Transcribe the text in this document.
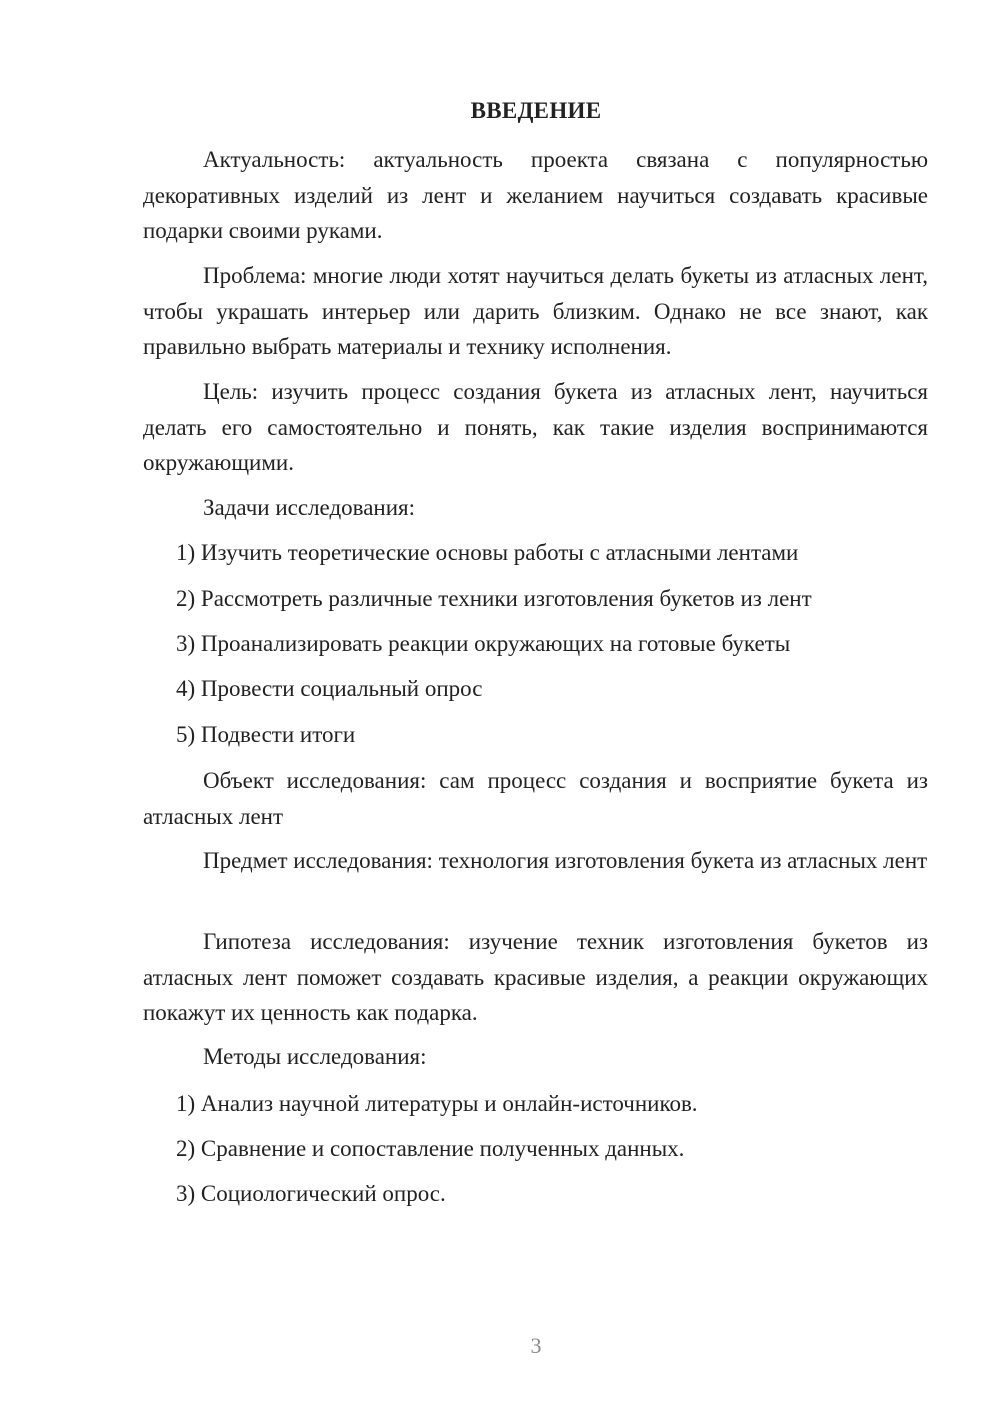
ВВЕДЕНИЕ
Актуальность: актуальность проекта связана с популярностью декоративных изделий из лент и желанием научиться создавать красивые подарки своими руками.
Проблема: многие люди хотят научиться делать букеты из атласных лент, чтобы украшать интерьер или дарить близким. Однако не все знают, как правильно выбрать материалы и технику исполнения.
Цель: изучить процесс создания букета из атласных лент, научиться делать его самостоятельно и понять, как такие изделия воспринимаются окружающими.
Задачи исследования:
1) Изучить теоретические основы работы с атласными лентами
2) Рассмотреть различные техники изготовления букетов из лент
3) Проанализировать реакции окружающих на готовые букеты
4) Провести социальный опрос
5) Подвести итоги
Объект исследования: сам процесс создания и восприятие букета из атласных лент
Предмет исследования: технология изготовления букета из атласных лент
Гипотеза исследования: изучение техник изготовления букетов из атласных лент поможет создавать красивые изделия, а реакции окружающих покажут их ценность как подарка.
Методы исследования:
1) Анализ научной литературы и онлайн-источников.
2) Сравнение и сопоставление полученных данных.
3) Социологический опрос.
3
